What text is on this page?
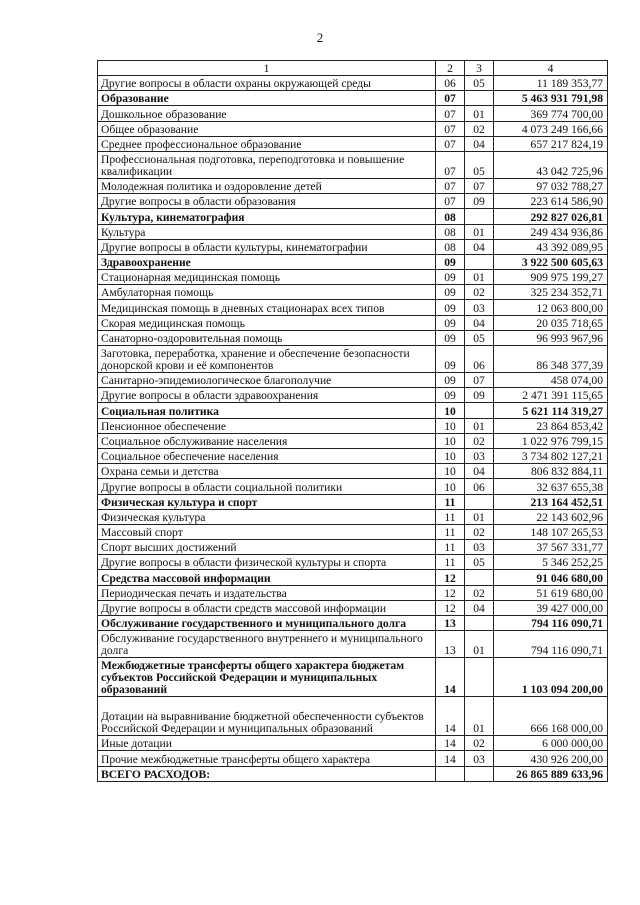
2
1	2	3	4
Другие вопросы в области охраны окружающей среды	06	05	11 189 353,77
Образование	07		5 463 931 791,98
Дошкольное образование	07	01	369 774 700,00
Общее образование	07	02	4 073 249 166,66
Среднее профессиональное образование	07	04	657 217 824,19
Профессиональная подготовка, переподготовка и повышение квалификации	07	05	43 042 725,96
Молодежная политика и оздоровление детей	07	07	97 032 788,27
Другие вопросы в области образования	07	09	223 614 586,90
Культура, кинематография	08		292 827 026,81
Культура	08	01	249 434 936,86
Другие вопросы в области культуры, кинематографии	08	04	43 392 089,95
Здравоохранение	09		3 922 500 605,63
Стационарная медицинская помощь	09	01	909 975 199,27
Амбулаторная помощь	09	02	325 234 352,71
Медицинская помощь в дневных стационарах всех типов	09	03	12 063 800,00
Скорая медицинская помощь	09	04	20 035 718,65
Санаторно-оздоровительная помощь	09	05	96 993 967,96
Заготовка, переработка, хранение и обеспечение безопасности донорской крови и её компонентов	09	06	86 348 377,39
Санитарно-эпидемиологическое благополучие	09	07	458 074,00
Другие вопросы в области здравоохранения	09	09	2 471 391 115,65
Социальная политика	10		5 621 114 319,27
Пенсионное обеспечение	10	01	23 864 853,42
Социальное обслуживание населения	10	02	1 022 976 799,15
Социальное обеспечение населения	10	03	3 734 802 127,21
Охрана семьи и детства	10	04	806 832 884,11
Другие вопросы в области социальной политики	10	06	32 637 655,38
Физическая культура и спорт	11		213 164 452,51
Физическая культура	11	01	22 143 602,96
Массовый спорт	11	02	148 107 265,53
Спорт высших достижений	11	03	37 567 331,77
Другие вопросы в области физической культуры и спорта	11	05	5 346 252,25
Средства массовой информации	12		91 046 680,00
Периодическая печать и издательства	12	02	51 619 680,00
Другие вопросы в области средств массовой информации	12	04	39 427 000,00
Обслуживание государственного и муниципального долга	13		794 116 090,71
Обслуживание государственного внутреннего и муниципального долга	13	01	794 116 090,71
Межбюджетные трансферты общего характера бюджетам субъектов Российской Федерации и муниципальных образований	14		1 103 094 200,00
Дотации на выравнивание бюджетной обеспеченности субъектов Российской Федерации и муниципальных образований	14	01	666 168 000,00
Иные дотации	14	02	6 000 000,00
Прочие межбюджетные трансферты общего характера	14	03	430 926 200,00
ВСЕГО РАСХОДОВ:			26 865 889 633,96
